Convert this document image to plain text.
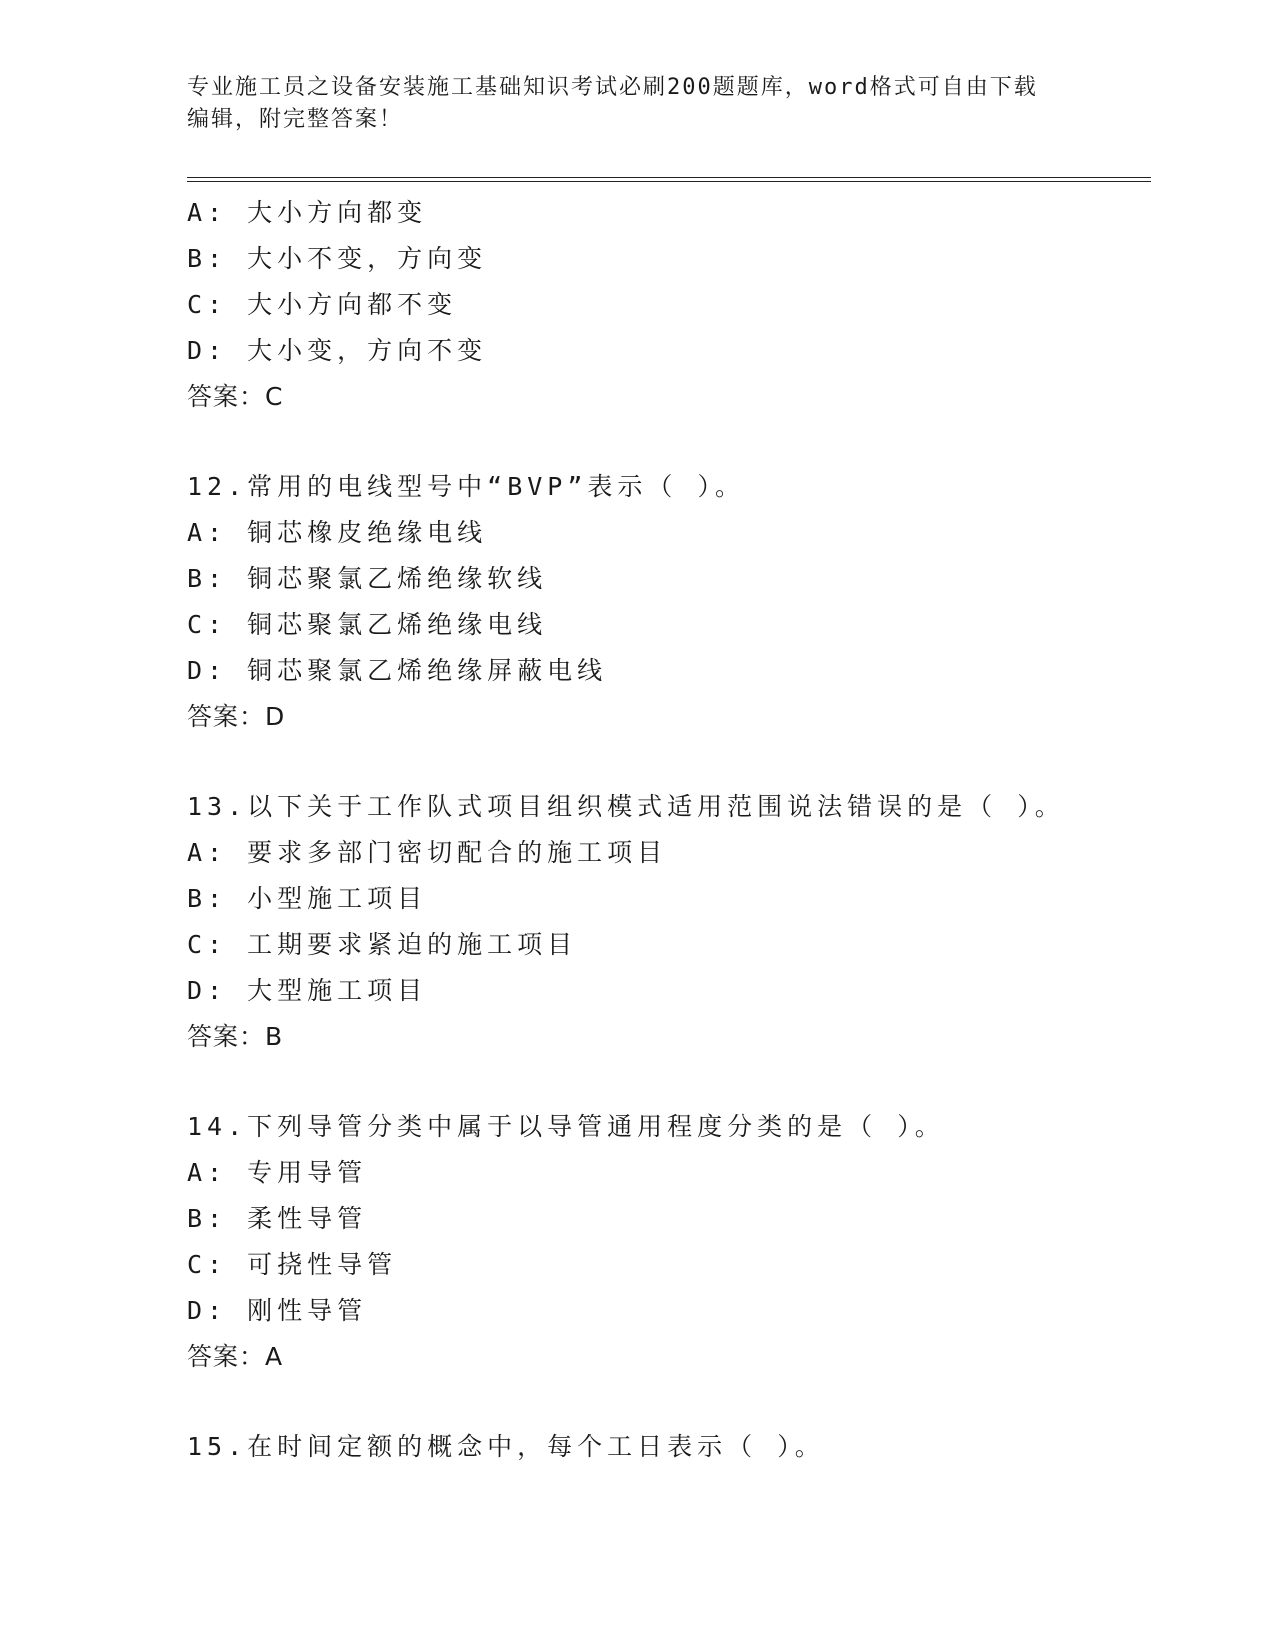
专业施工员之设备安装施工基础知识考试必刷200题题库，word格式可自由下载
编辑，附完整答案！
A: 大小方向都变
B: 大小不变，方向变
C: 大小方向都不变
D: 大小变，方向不变
答案：C
12.常用的电线型号中“BVP”表示（ ）。
A: 铜芯橡皮绝缘电线
B: 铜芯聚氯乙烯绝缘软线
C: 铜芯聚氯乙烯绝缘电线
D: 铜芯聚氯乙烯绝缘屏蔽电线
答案：D
13.以下关于工作队式项目组织模式适用范围说法错误的是（ ）。
A: 要求多部门密切配合的施工项目
B: 小型施工项目
C: 工期要求紧迫的施工项目
D: 大型施工项目
答案：B
14.下列导管分类中属于以导管通用程度分类的是（ ）。
A: 专用导管
B: 柔性导管
C: 可挠性导管
D: 刚性导管
答案：A
15.在时间定额的概念中，每个工日表示（ ）。
